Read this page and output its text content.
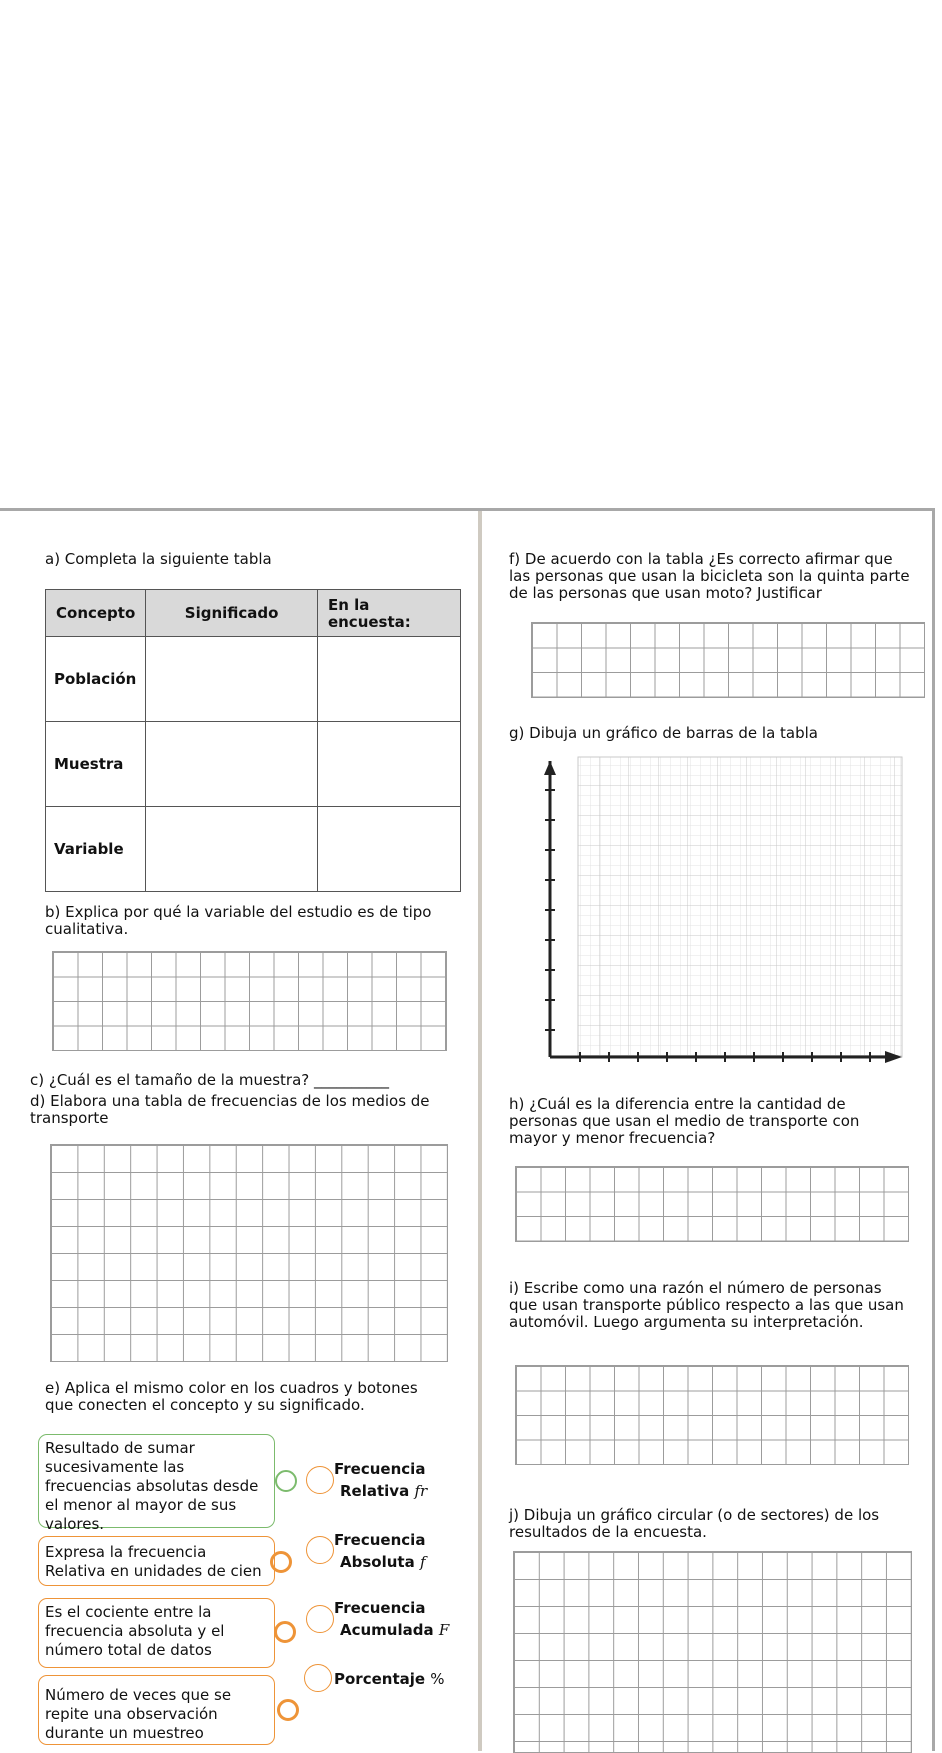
a) Completa la siguiente tabla
Concepto	Significado	En la encuesta:
Población		
Muestra		
Variable		
b) Explica por qué la variable del estudio es de tipo cualitativa.
c) ¿Cuál es el tamaño de la muestra? __________
d) Elabora una tabla de frecuencias de los medios de transporte
e) Aplica el mismo color en los cuadros y botones que conecten el concepto y su significado.
Resultado de sumar sucesivamente las frecuencias absolutas desde el menor al mayor de sus valores.
Expresa la frecuencia Relativa en unidades de cien
Es el cociente entre la frecuencia absoluta y el número total de datos
Número de veces que se repite una observación durante un muestreo
Frecuencia
Relativa fr
Frecuencia
Absoluta f
Frecuencia
Acumulada F
Porcentaje %
f) De acuerdo con la tabla ¿Es correcto afirmar que las personas que usan la bicicleta son la quinta parte de las personas que usan moto? Justificar
g) Dibuja un gráfico de barras de la tabla
h) ¿Cuál es la diferencia entre la cantidad de personas que usan el medio de transporte con mayor y menor frecuencia?
i) Escribe como una razón el número de personas que usan transporte público respecto a las que usan automóvil. Luego argumenta su interpretación.
j) Dibuja un gráfico circular (o de sectores) de los resultados de la encuesta.
